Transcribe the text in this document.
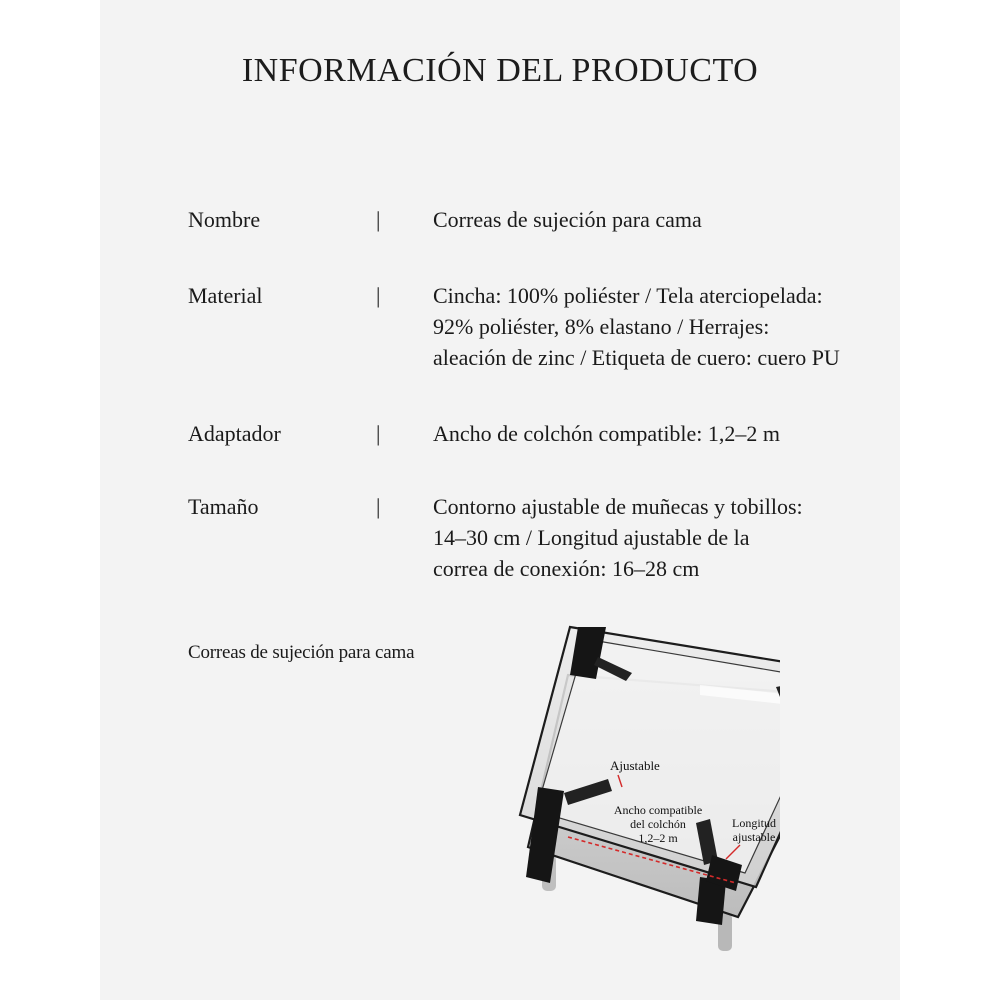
INFORMACIÓN DEL PRODUCTO
Nombre	| Correas de sujeción para cama
Material	| Cincha: 100% poliéster / Tela aterciopelada:
92% poliéster, 8% elastano / Herrajes:
aleación de zinc / Etiqueta de cuero: cuero PU
Adaptador	| Ancho de colchón compatible: 1,2–2 m
Tamaño	| Contorno ajustable de muñecas y tobillos:
14–30 cm / Longitud ajustable de la
correa de conexión: 16–28 cm
Correas de sujeción para cama
Ajustable
Ancho compatible
del colchón
1,2–2 m
Longitud
ajustable
